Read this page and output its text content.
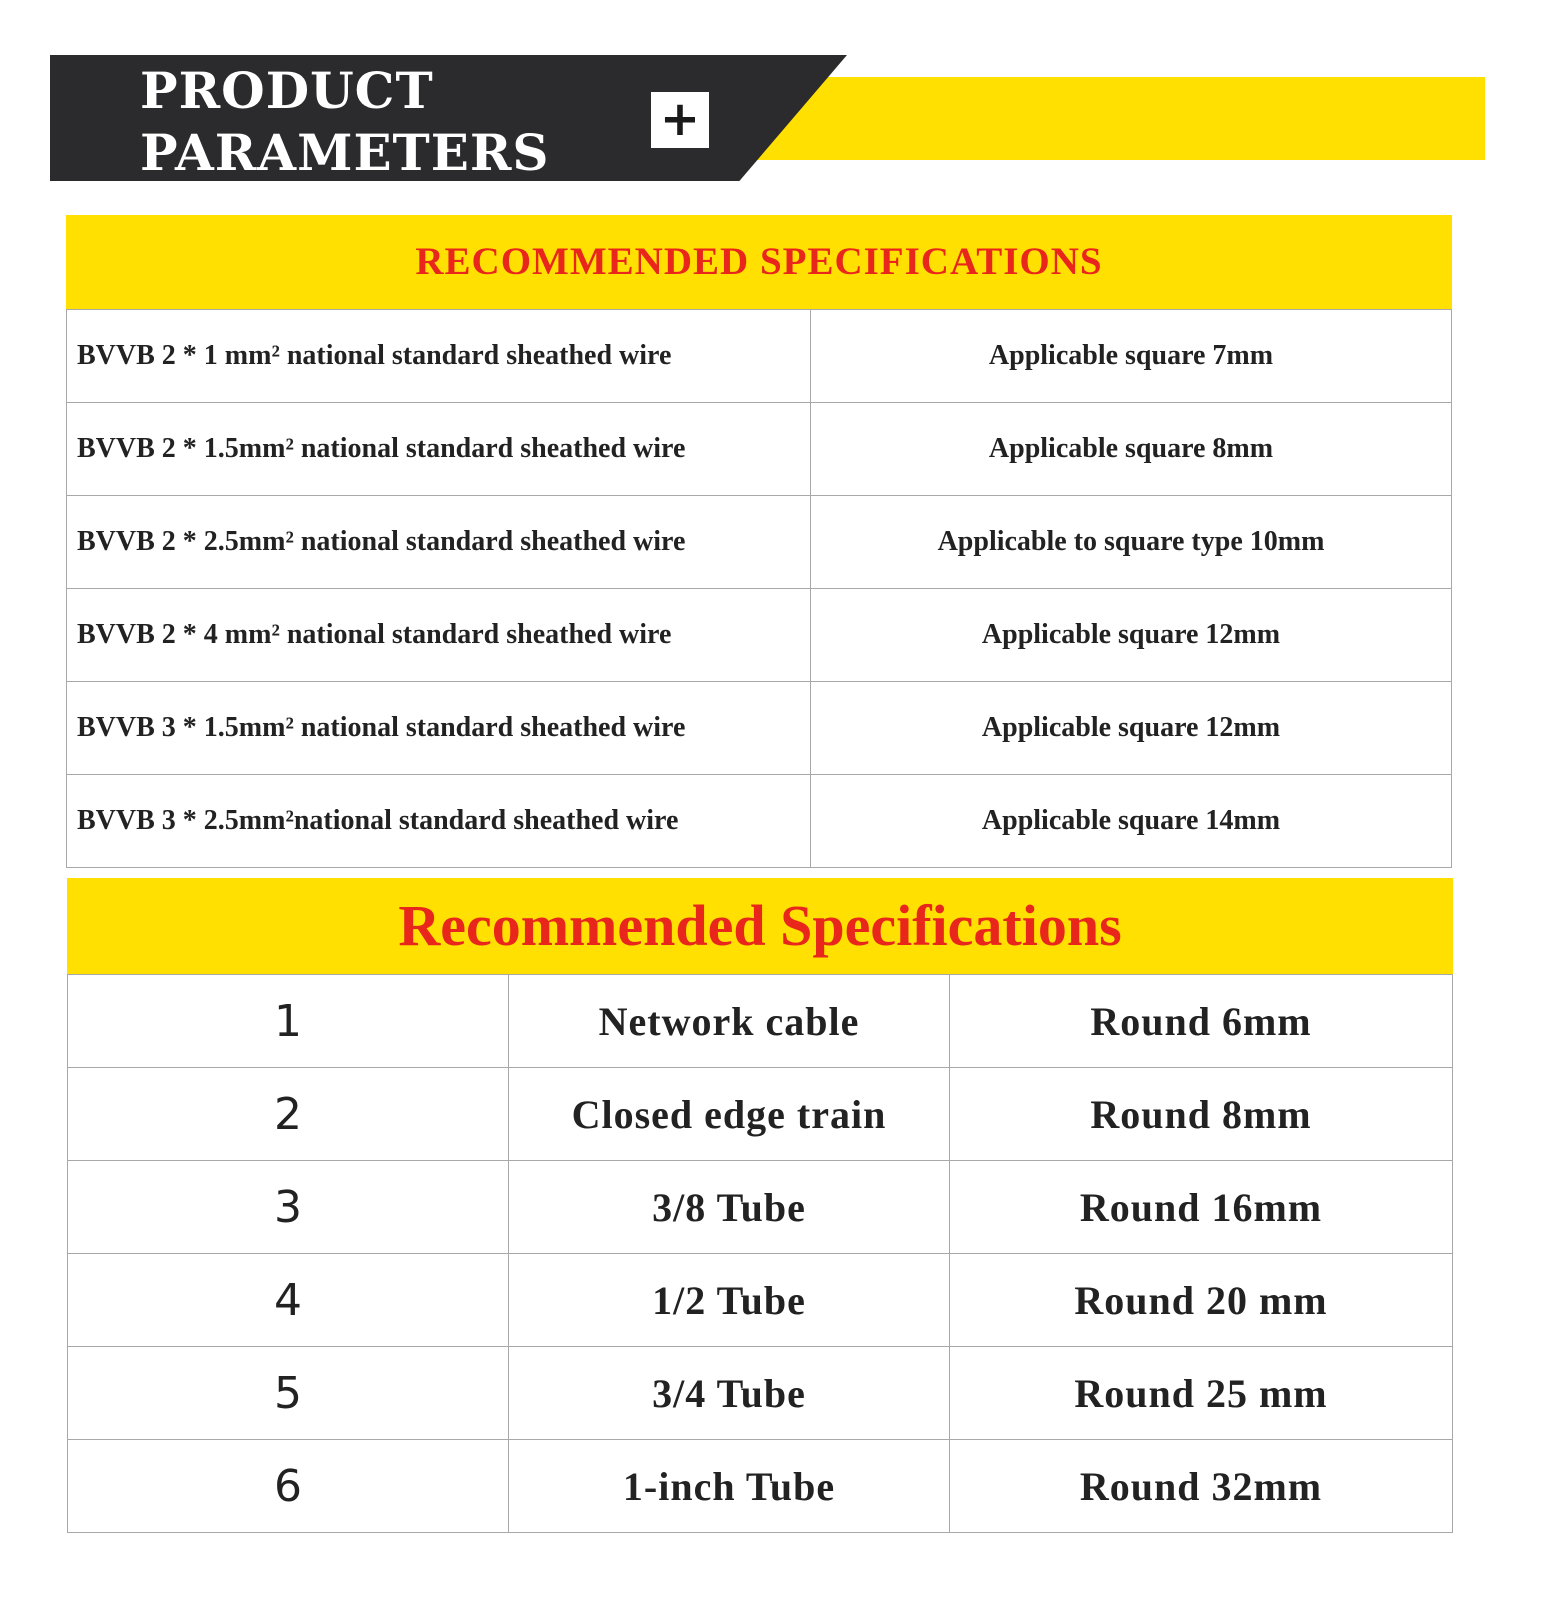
PRODUCT
PARAMETERS
+
RECOMMENDED SPECIFICATIONS
BVVB 2 * 1 mm² national standard sheathed wire	Applicable square 7mm
BVVB 2 * 1.5mm² national standard sheathed wire	Applicable square 8mm
BVVB 2 * 2.5mm² national standard sheathed wire	Applicable to square type 10mm
BVVB 2 * 4 mm² national standard sheathed wire	Applicable square 12mm
BVVB 3 * 1.5mm² national standard sheathed wire	Applicable square 12mm
BVVB 3 * 2.5mm²national standard sheathed wire	Applicable square 14mm
Recommended Specifications
1	Network cable	Round 6mm
2	Closed edge train	Round 8mm
3	3/8 Tube	Round 16mm
4	1/2 Tube	Round 20 mm
5	3/4 Tube	Round 25 mm
6	1-inch Tube	Round 32mm
